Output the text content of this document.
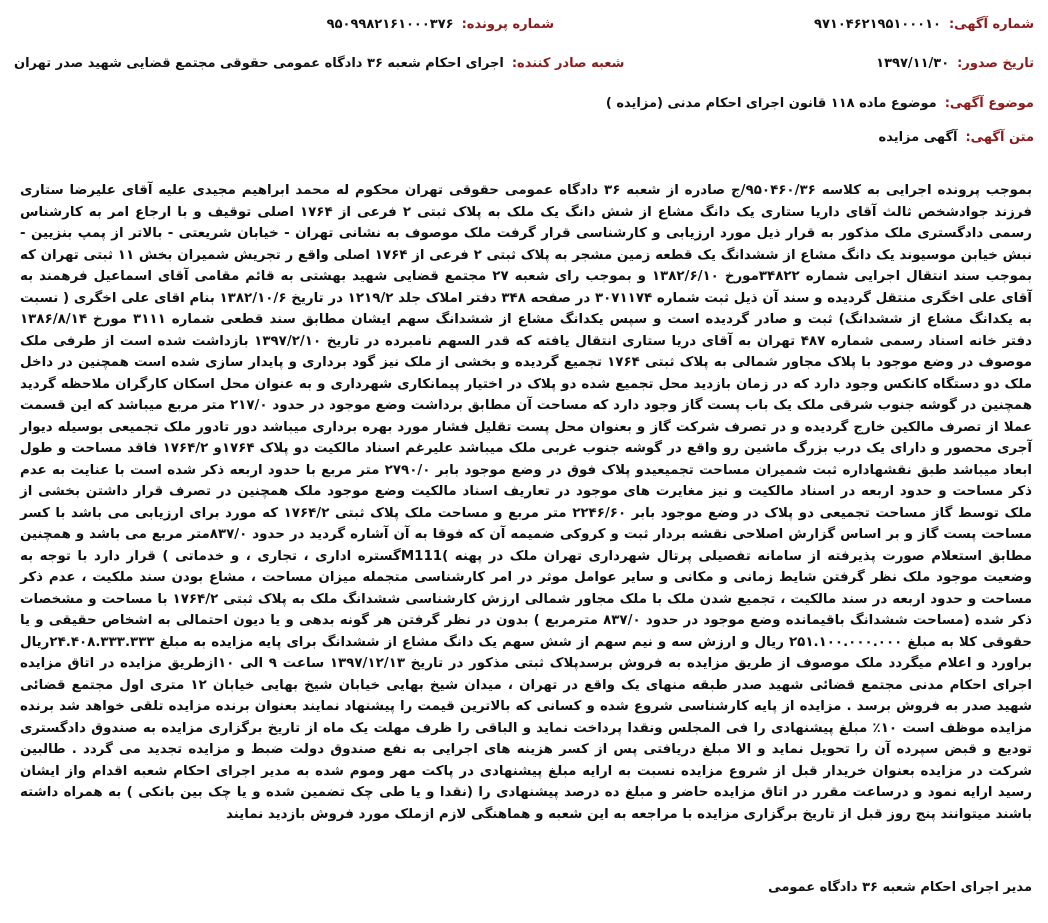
شماره آگهی:
۹۷۱۰۴۶۲۱۹۵۱۰۰۰۱۰
شماره پرونده:
۹۵۰۹۹۸۲۱۶۱۰۰۰۳۷۶
تاریخ صدور:
۱۳۹۷/۱۱/۳۰
شعبه صادر کننده:
اجرای احکام شعبه ۳۶ دادگاه عمومی حقوقی مجتمع قضایی شهید صدر تهران
موضوع آگهی:
موضوع ماده ۱۱۸ قانون اجرای احکام مدنی (مزایده )
متن آگهی:
آگهی مزایده
بموجب پرونده اجرایی به کلاسه ۹۵۰۴۶۰/۳۶/ج صادره از شعبه ۳۶ دادگاه عمومی حقوقی تهران محکوم له محمد ابراهیم مجیدی علیه آقای علیرضا ستاری فرزند جوادشخص ثالث آقای داریا ستاری یک دانگ مشاع از شش دانگ یک ملک به پلاک ثبتی ۲ فرعی از ۱۷۶۴ اصلی توقیف و با ارجاع امر به کارشناس رسمی دادگستری ملک مذکور به قرار ذیل مورد ارزیابی و کارشناسی قرار گرفت ملک موصوف به نشانی تهران - خیابان شریعتی - بالاتر از پمپ بنزیین - نبش خیابن موسیوند یک دانگ مشاع از ششدانگ یک قطعه زمین مشجر به پلاک ثبتی ۲ فرعی از ۱۷۶۴ اصلی واقع ر تجریش شمیران بخش ۱۱ ثبتی تهران که بموجب سند انتقال اجرایی شماره ۳۴۸۲۲مورخ ۱۳۸۲/۶/۱۰ و بموجب رای شعبه ۲۷ مجتمع قضایی شهید بهشتی به قائم مقامی آقای اسماعیل فرهمند به آقای علی اخگری منتقل گردیده و سند آن ذیل ثبت شماره ۳۰۷۱۱۷۴ در صفحه ۳۴۸ دفتر املاک جلد ۱۲۱۹/۲ در تاریخ ۱۳۸۲/۱۰/۶ بنام اقای علی اخگری ( نسبت به یکدانگ مشاع از ششدانگ) ثبت و صادر گردیده است و سپس یکدانگ مشاع از ششدانگ سهم ایشان مطابق سند قطعی شماره ۳۱۱۱ مورخ ۱۳۸۶/۸/۱۴ دفتر خانه اسناد رسمی شماره ۴۸۷ تهران به آقای دریا ستاری انتقال یافته که قدر السهم نامبرده در تاریخ ۱۳۹۷/۲/۱۰ بازداشت شده است از طرفی ملک موصوف در وضع موجود با پلاک مجاور شمالی به پلاک ثبتی ۱۷۶۴ تجمیع گردیده و بخشی از ملک نیز گود برداری و پایدار سازی شده است همچنین در داخل ملک دو دستگاه کانکس وجود دارد که در زمان بازدید محل تجمیع شده دو پلاک در اختیار پیمانکاری شهرداری و به عنوان محل اسکان کارگران ملاحظه گردید همچنین در گوشه جنوب شرقی ملک یک باب پست گاز وجود دارد که مساحت آن مطابق برداشت وضع موجود در حدود ۲۱۷/۰ متر مربع میباشد که این قسمت عملا از تصرف مالکین خارج گردیده و در تصرف شرکت گاز و بعنوان محل پست تقلیل فشار مورد بهره برداری میباشد دور تادور ملک تجمیعی بوسیله دیوار آجری محصور و دارای یک درب بزرگ ماشین رو واقع در گوشه جنوب غربی ملک میباشد علیرغم اسناد مالکیت دو پلاک ۱۷۶۴و ۱۷۶۴/۲ فاقد مساحت و طول ابعاد میباشد طبق نقشهاداره ثبت شمیران مساحت تجمیعیدو پلاک فوق در وضع موجود بابر ۲۷۹۰/۰ متر مربع با حدود اربعه ذکر شده است با عنایت به عدم ذکر مساحت و حدود اربعه در اسناد مالکیت و نیز مغایرت های موجود در تعاریف اسناد مالکیت وضع موجود ملک همچنین در تصرف قرار داشتن بخشی از ملک توسط گاز مساحت تجمیعی دو پلاک در وضع موجود بابر ۲۲۴۶/۶۰ متر مربع و مساحت ملک پلاک ثبتی ۱۷۶۴/۲ که مورد برای ارزیابی می باشد با کسر مساحت پست گاز و بر اساس گزارش اصلاحی نقشه بردار ثبت و کروکی ضمیمه آن که فوقا به آن آشاره گردید در حدود ۸۳۷/۰متر مربع می باشد و همچنین مطابق استعلام صورت پذیرفته از سامانه تفصیلی پرتال شهرداری تهران ملک در پهنه )M111گستره اداری ، تجاری ، و خدماتی ) قرار دارد با توجه به وضعیت موجود ملک نظر گرفتن شایط زمانی و مکانی و سایر عوامل موثر در امر کارشناسی متجمله میزان مساحت ، مشاع بودن سند ملکیت ، عدم ذکر مساحت و حدود اربعه در سند مالکیت ، تجمیع شدن ملک با ملک مجاور شمالی ارزش کارشناسی ششدانگ ملک به پلاک ثبتی ۱۷۶۴/۲ با مساحت و مشخصات ذکر شده (مساحت ششدانگ باقیمانده وضع موجود در حدود ۸۳۷/۰ مترمربع ) بدون در نظر گرفتن هر گونه بدهی و یا دیون احتمالی به اشخاص حقیقی و یا حقوقی کلا به مبلغ ۲۵۱.۱۰۰.۰۰۰.۰۰۰ ریال و ارزش سه و نیم سهم از شش سهم یک دانگ مشاع از ششدانگ برای پایه مزایده به مبلغ ۲۴.۴۰۸.۳۳۳.۳۳۳ریال براورد و اعلام میگردد ملک موصوف از طریق مزایده به فروش برسدپلاک ثبتی مذکور در تاریخ ۱۳۹۷/۱۲/۱۳ ساعت ۹ الی ۱۰ازطریق مزایده در اتاق مزایده اجرای احکام مدنی مجتمع قضائی شهید صدر طبقه منهای یک واقع در تهران ، میدان شیخ بهایی خیابان شیخ بهایی خیابان ۱۲ متری اول مجتمع قضائی شهید صدر به فروش برسد . مزایده از پایه کارشناسی شروع شده و کسانی که بالاترین قیمت را پیشنهاد نمایند بعنوان برنده مزایده تلقی خواهد شد برنده مزایده موظف است ۱۰٪ مبلغ پیشنهادی را فی المجلس ونقدا پرداخت نماید و الباقی را ظرف مهلت یک ماه از تاریخ برگزاری مزایده به صندوق دادگستری تودیع و قبض سپرده آن را تحویل نماید و الا مبلغ دریافتی پس از کسر هزینه های اجرایی به نفع صندوق دولت ضبط و مزایده تجدید می گردد . طالبین شرکت در مزایده بعنوان خریدار قبل از شروع مزایده نسبت به ارایه مبلغ پیشنهادی در پاکت مهر وموم شده به مدیر اجرای احکام شعبه اقدام واز ایشان رسید ارایه نمود و درساعت مقرر در اتاق مزایده حاضر و مبلغ ده درصد پیشنهادی را (نقدا و یا طی چک تضمین شده و یا چک بین بانکی ) به همراه داشته باشند میتوانند پنج روز قبل از تاریخ برگزاری مزایده با مراجعه به این شعبه و هماهنگی لازم ازملک مورد فروش بازدید نمایند
مدیر اجرای احکام شعبه ۳۶ دادگاه عمومی
